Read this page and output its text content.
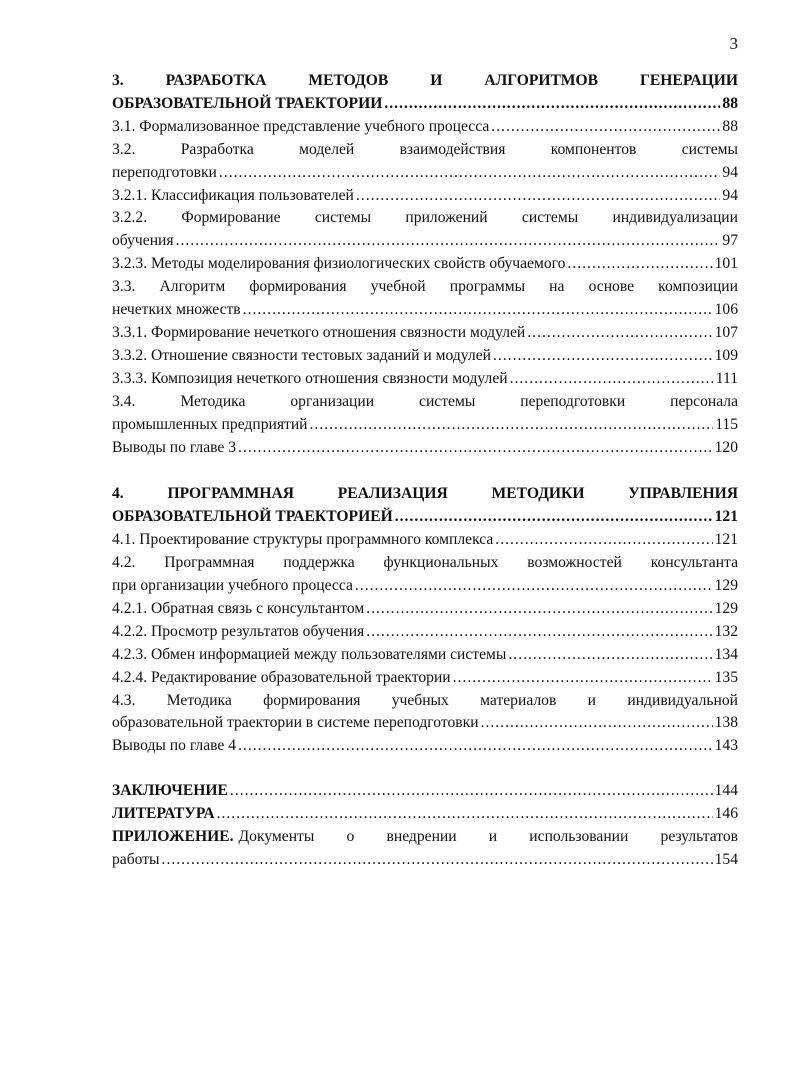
3
3. РАЗРАБОТКА МЕТОДОВ И АЛГОРИТМОВ ГЕНЕРАЦИИ
ОБРАЗОВАТЕЛЬНОЙ ТРАЕКТОРИИ .....	88
3.1. Формализованное представление учебного процесса .....	88
3.2. Разработка моделей взаимодействия компонентов системы
переподготовки .....	94
3.2.1. Классификация пользователей .....	94
3.2.2. Формирование системы приложений системы индивидуализации
обучения .....	97
3.2.3. Методы моделирования физиологических свойств обучаемого .....	101
3.3. Алгоритм формирования учебной программы на основе композиции
нечетких множеств .....	106
3.3.1. Формирование нечеткого отношения связности модулей .....	107
3.3.2. Отношение связности тестовых заданий и модулей .....	109
3.3.3. Композиция нечеткого отношения связности модулей .....	111
3.4. Методика организации системы переподготовки персонала
промышленных предприятий .....	115
Выводы по главе 3 .....	120
4. ПРОГРАММНАЯ РЕАЛИЗАЦИЯ МЕТОДИКИ УПРАВЛЕНИЯ
ОБРАЗОВАТЕЛЬНОЙ ТРАЕКТОРИЕЙ .....	121
4.1. Проектирование структуры программного комплекса .....	121
4.2. Программная поддержка функциональных возможностей консультанта
при организации учебного процесса .....	129
4.2.1. Обратная связь с консультантом .....	129
4.2.2. Просмотр результатов обучения .....	132
4.2.3. Обмен информацией между пользователями системы .....	134
4.2.4. Редактирование образовательной траектории .....	135
4.3. Методика формирования учебных материалов и индивидуальной
образовательной траектории в системе переподготовки .....	138
Выводы по главе 4 .....	143
ЗАКЛЮЧЕНИЕ .....	144
ЛИТЕРАТУРА .....	146
ПРИЛОЖЕНИЕ. Документы о внедрении и использовании результатов
работы .....	154
